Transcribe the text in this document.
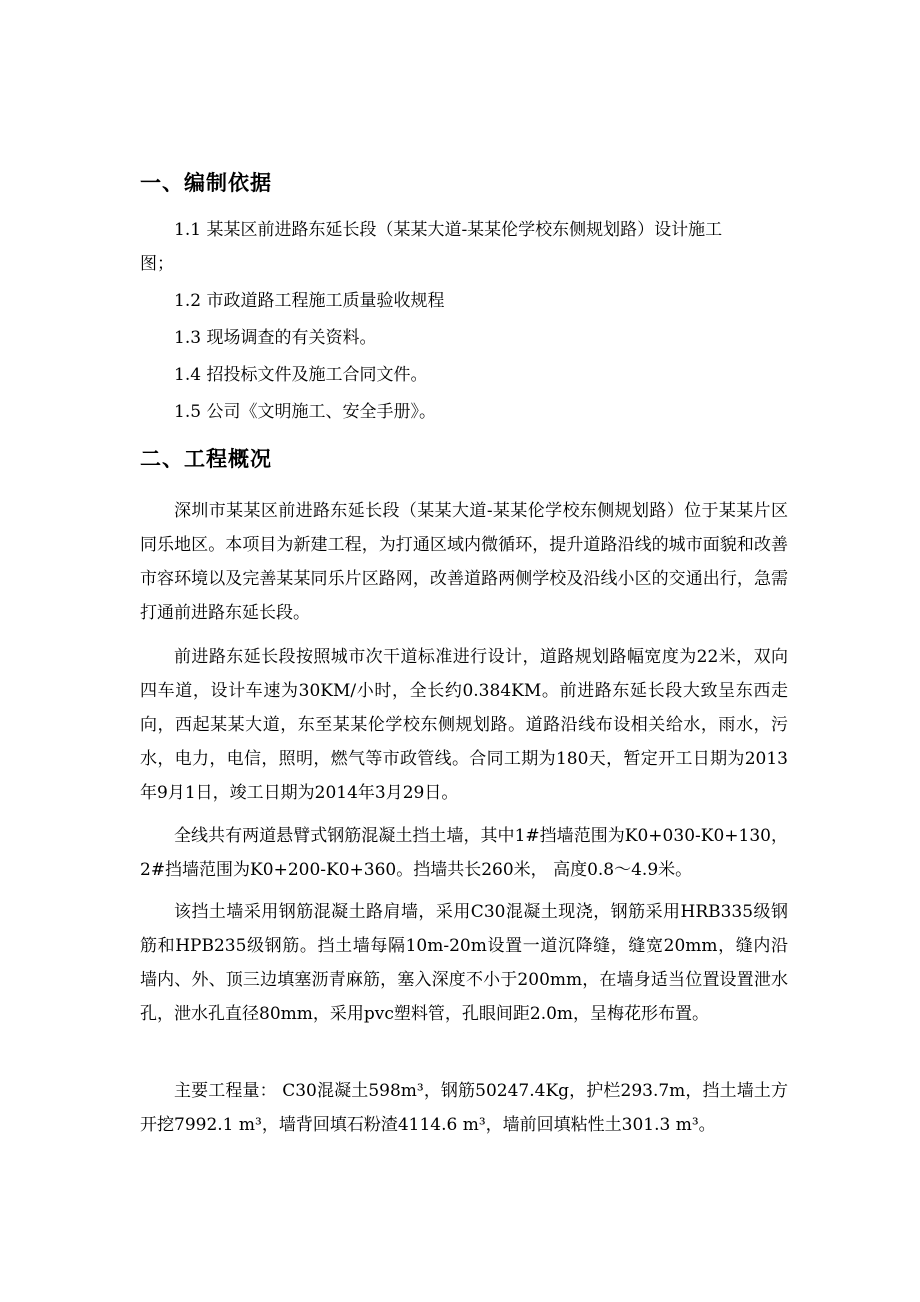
一、编制依据
1.1 某某区前进路东延长段（某某大道-某某伦学校东侧规划路）设计施工
图；
1.2 市政道路工程施工质量验收规程
1.3 现场调查的有关资料。
1.4 招投标文件及施工合同文件。
1.5 公司《文明施工、安全手册》。
二、工程概况

深圳市某某区前进路东延长段（某某大道-某某伦学校东侧规划路）位于某某片区同乐地区。本项目为新建工程，为打通区域内微循环，提升道路沿线的城市面貌和改善市容环境以及完善某某同乐片区路网，改善道路两侧学校及沿线小区的交通出行，急需打通前进路东延长段。

前进路东延长段按照城市次干道标准进行设计，道路规划路幅宽度为22米，双向四车道，设计车速为30KM/小时，全长约0.384KM。前进路东延长段大致呈东西走向，西起某某大道，东至某某伦学校东侧规划路。道路沿线布设相关给水，雨水，污水，电力，电信，照明，燃气等市政管线。合同工期为180天，暂定开工日期为2013年9月1日，竣工日期为2014年3月29日。

全线共有两道悬臂式钢筋混凝土挡土墙，其中1#挡墙范围为K0+030-K0+130，2#挡墙范围为K0+200-K0+360。挡墙共长260米， 高度0.8～4.9米。

该挡土墙采用钢筋混凝土路肩墙，采用C30混凝土现浇，钢筋采用HRB335级钢筋和HPB235级钢筋。挡土墙每隔10m-20m设置一道沉降缝，缝宽20mm，缝内沿墙内、外、顶三边填塞沥青麻筋，塞入深度不小于200mm，在墙身适当位置设置泄水孔，泄水孔直径80mm，采用pvc塑料管，孔眼间距2.0m，呈梅花形布置。

主要工程量： C30混凝土598m³，钢筋50247.4Kg，护栏293.7m，挡土墙土方开挖7992.1 m³，墙背回填石粉渣4114.6 m³，墙前回填粘性土301.3 m³。
